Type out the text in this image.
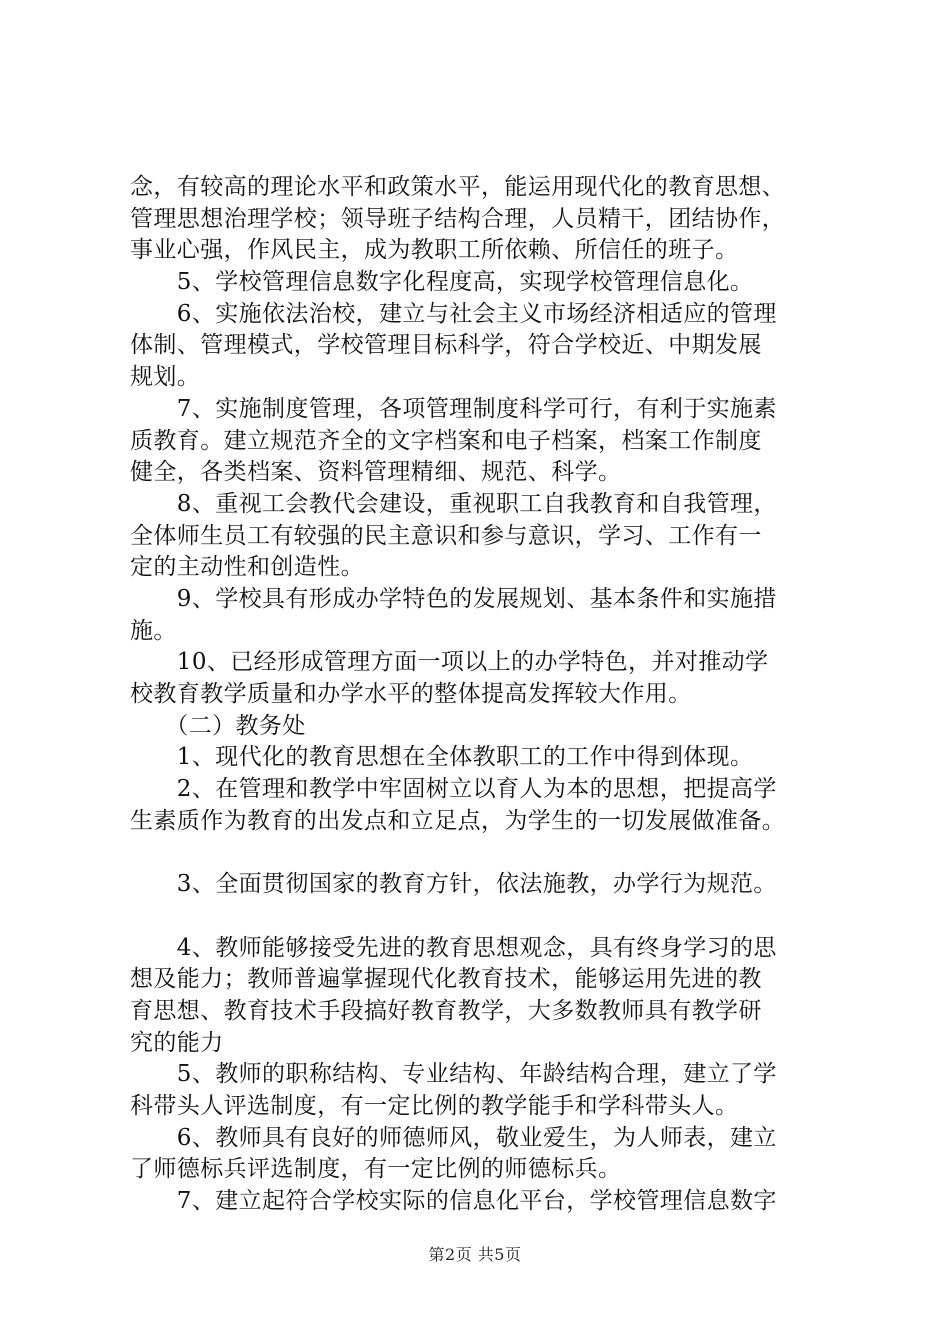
念，有较高的理论水平和政策水平，能运用现代化的教育思想、
管理思想治理学校；领导班子结构合理，人员精干，团结协作，
事业心强，作风民主，成为教职工所依赖、所信任的班子。
　　5、学校管理信息数字化程度高，实现学校管理信息化。
　　6、实施依法治校，建立与社会主义市场经济相适应的管理
体制、管理模式，学校管理目标科学，符合学校近、中期发展
规划。
　　7、实施制度管理，各项管理制度科学可行，有利于实施素
质教育。建立规范齐全的文字档案和电子档案，档案工作制度
健全，各类档案、资料管理精细、规范、科学。
　　8、重视工会教代会建设，重视职工自我教育和自我管理，
全体师生员工有较强的民主意识和参与意识，学习、工作有一
定的主动性和创造性。
　　9、学校具有形成办学特色的发展规划、基本条件和实施措
施。
　　10、已经形成管理方面一项以上的办学特色，并对推动学
校教育教学质量和办学水平的整体提高发挥较大作用。
　　（二）教务处
　　1、现代化的教育思想在全体教职工的工作中得到体现。
　　2、在管理和教学中牢固树立以育人为本的思想，把提高学
生素质作为教育的出发点和立足点，为学生的一切发展做准备。
　　3、全面贯彻国家的教育方针，依法施教，办学行为规范。
　　4、教师能够接受先进的教育思想观念，具有终身学习的思
想及能力；教师普遍掌握现代化教育技术，能够运用先进的教
育思想、教育技术手段搞好教育教学，大多数教师具有教学研
究的能力
　　5、教师的职称结构、专业结构、年龄结构合理，建立了学
科带头人评选制度，有一定比例的教学能手和学科带头人。
　　6、教师具有良好的师德师风，敬业爱生，为人师表，建立
了师德标兵评选制度，有一定比例的师德标兵。
　　7、建立起符合学校实际的信息化平台，学校管理信息数字
第2页 共5页
